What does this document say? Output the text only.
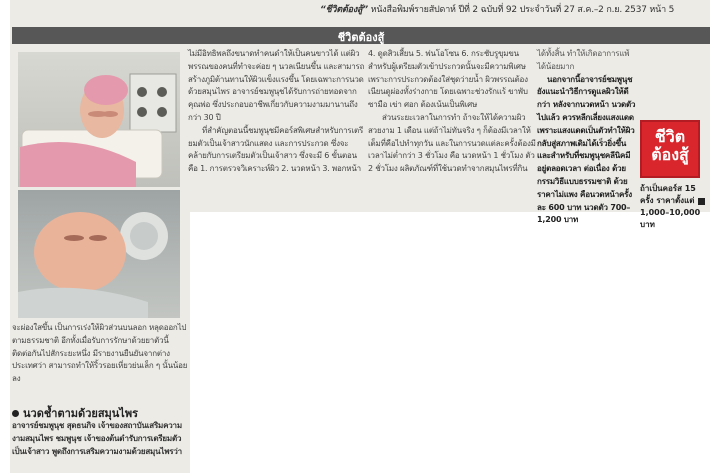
“ชีวิตต้องสู้” หนังสือพิมพ์รายสัปดาห์ ปีที่ 2 ฉบับที่ 92 ประจำวันที่ 27 ส.ค.–2 ก.ย. 2537 หน้า 5
ชีวิตต้องสู้

ไม่มีอิทธิพลถึงขนาดทำคนดำให้เป็นคนขาวได้ แต่ผิวพรรณของคนที่ทำจะค่อย ๆ นวลเนียนขึ้น และสามารถสร้างภูมิต้านทานให้ผิวแข็งแรงขึ้น โดยเฉพาะการนวดด้วยสมุนไพร อาจารย์ชมพูนุชได้รับการถ่ายทอดจากคุณพ่อ ซึ่งประกอบอาชีพเกี่ยวกับความงามมานานถึงกว่า 30 ปี

ที่สำคัญตอนนี้ชมพูนุชมีคอร์สพิเศษสำหรับการเตรียมตัวเป็นเจ้าสาวนักแสดง และการประกวด ซึ่งจะคล้ายกับการเตรียมตัวเป็นเจ้าสาว ซึ่งจะมี 6 ขั้นตอนคือ 1. การตรวจวิเคราะห์ผิว 2. นวดหน้า 3. พอกหน้า

4. ดูดสิวเสี้ยน 5. พ่นโอโซน 6. กระชับรูขุมขน สำหรับผู้เตรียมตัวเข้าประกวดนั้นจะมีความพิเศษ เพราะการประกวดต้องใส่ชุดว่ายน้ำ ผิวพรรณต้องเนียนดูผ่องทั้งร่างกาย โดยเฉพาะช่วงรักแร้ ขาพับ ซามือ เข่า ศอก ต้องเน้นเป็นพิเศษ

ส่วนระยะเวลาในการทำ ถ้าจะให้ได้ความผิวสวยงาม 1 เดือน แต่ถ้าไม่ทันจริง ๆ ก็ต้องมีเวลาให้เต็มที่คือไปทำทุกวัน และในการนวดแต่ละครั้งต้องมีเวลาไม่ต่ำกว่า 3 ชั่วโมง คือ นวดหน้า 1 ชั่วโมง ตัว 2 ชั่วโมง ผลิตภัณฑ์ที่ใช้นวดทำจากสมุนไพรที่กิน

ได้ทั้งสิ้น ทำให้เกิดอาการแพ้ได้น้อยมาก

นอกจากนี้อาจารย์ชมพูนุชยังแนะนำวิธีการดูแลผิวให้ดีกว่า หลังจากนวดหน้า นวดตัวไปแล้ว ควรหลีกเลี่ยงแสงแดด เพราะแสงแดดเป็นตัวทำให้ผิวกลับสู่สภาพเดิมได้เร็วยิ่งขึ้น และสำหรับที่ชมพูนุชคลีนิคมีอยู่ตลอดเวลา ต่อเนื่อง ด้วยกรรมวิธีแบบธรรมชาติ ด้วยราคาไม่แพง คือนวดหน้าครั้งละ 600 บาท นวดตัว 700–1,200 บาท

ชีวิต ต้องสู้
ถ้าเป็นคอร์ส 15 ครั้ง ราคาตั้งแต่ 1,000–10,000 บาท
จะผ่องใสขึ้น เป็นการเร่งให้ผิวส่วนบนลอก หลุดออกไปตามธรรมชาติ อีกทั้งเมื่อรับการรักษาด้วยยาตัวนี้ติดต่อกันไปสักระยะหนึ่ง มีรายงานยืนยันจากต่างประเทศว่า สามารถทำให้ริ้วรอยเหี่ยวย่นเล็ก ๆ นั้นน้อยลง
นวดช้ำตามด้วยสมุนไพร
อาจารย์ชมพูนุช สุดธนกิจ เจ้าของสถาบันเสริมความงามสมุนไพร ชมพูนุช เจ้าของต้นตำรับการเตรียมตัวเป็นเจ้าสาว พูดถึงการเสริมความงามด้วยสมุนไพรว่า
